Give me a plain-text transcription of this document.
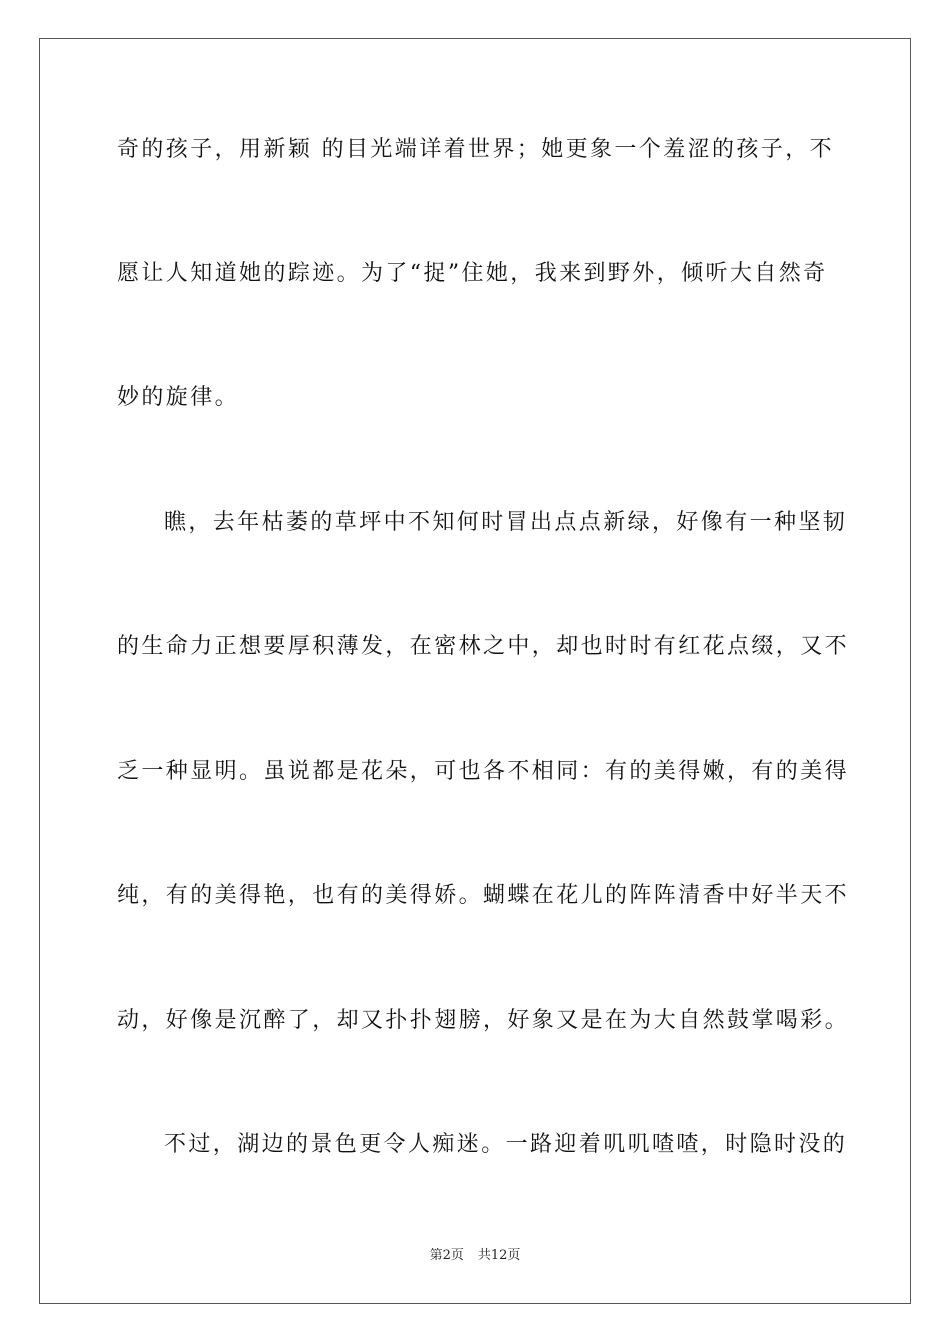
奇的孩子，用新颖 的目光端详着世界；她更象一个羞涩的孩子，不
愿让人知道她的踪迹。为了“捉”住她，我来到野外，倾听大自然奇
妙的旋律。
瞧，去年枯萎的草坪中不知何时冒出点点新绿，好像有一种坚韧
的生命力正想要厚积薄发，在密林之中，却也时时有红花点缀，又不
乏一种显明。虽说都是花朵，可也各不相同：有的美得嫩，有的美得
纯，有的美得艳，也有的美得娇。蝴蝶在花儿的阵阵清香中好半天不
动，好像是沉醉了，却又扑扑翅膀，好象又是在为大自然鼓掌喝彩。
不过，湖边的景色更令人痴迷。一路迎着叽叽喳喳，时隐时没的
第2页 共12页
